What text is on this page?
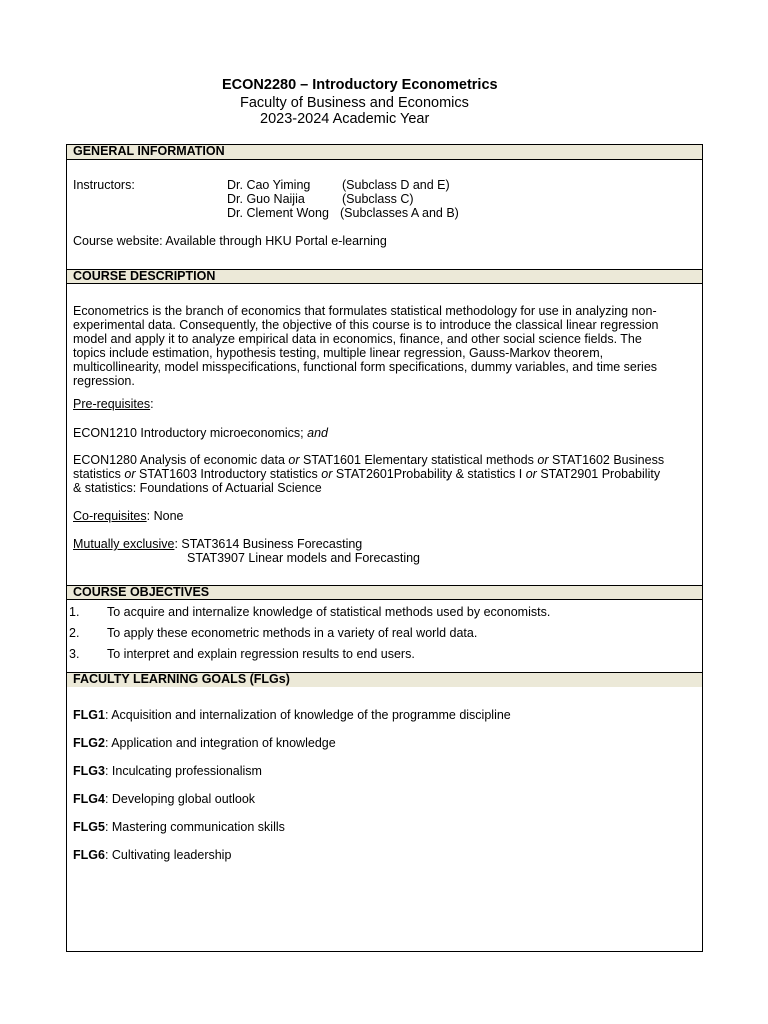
ECON2280 – Introductory Econometrics
Faculty of Business and Economics
2023-2024 Academic Year
GENERAL INFORMATION
Instructors:	Dr. Cao Yiming	(Subclass D and E)
Dr. Guo Naijia	(Subclass C)
Dr. Clement Wong (Subclasses A and B)
Course website: Available through HKU Portal e-learning
COURSE DESCRIPTION
Econometrics is the branch of economics that formulates statistical methodology for use in analyzing non-
experimental data. Consequently, the objective of this course is to introduce the classical linear regression
model and apply it to analyze empirical data in economics, finance, and other social science fields. The
topics include estimation, hypothesis testing, multiple linear regression, Gauss-Markov theorem,
multicollinearity, model misspecifications, functional form specifications, dummy variables, and time series
regression.
Pre-requisites:
ECON1210 Introductory microeconomics; and
ECON1280 Analysis of economic data or STAT1601 Elementary statistical methods or STAT1602 Business
statistics or STAT1603 Introductory statistics or STAT2601Probability & statistics I or STAT2901 Probability
& statistics: Foundations of Actuarial Science
Co-requisites: None
Mutually exclusive: STAT3614 Business Forecasting
STAT3907 Linear models and Forecasting
COURSE OBJECTIVES
1. To acquire and internalize knowledge of statistical methods used by economists.
2. To apply these econometric methods in a variety of real world data.
3. To interpret and explain regression results to end users.
FACULTY LEARNING GOALS (FLGs)
FLG1: Acquisition and internalization of knowledge of the programme discipline
FLG2: Application and integration of knowledge
FLG3: Inculcating professionalism
FLG4: Developing global outlook
FLG5: Mastering communication skills
FLG6: Cultivating leadership
